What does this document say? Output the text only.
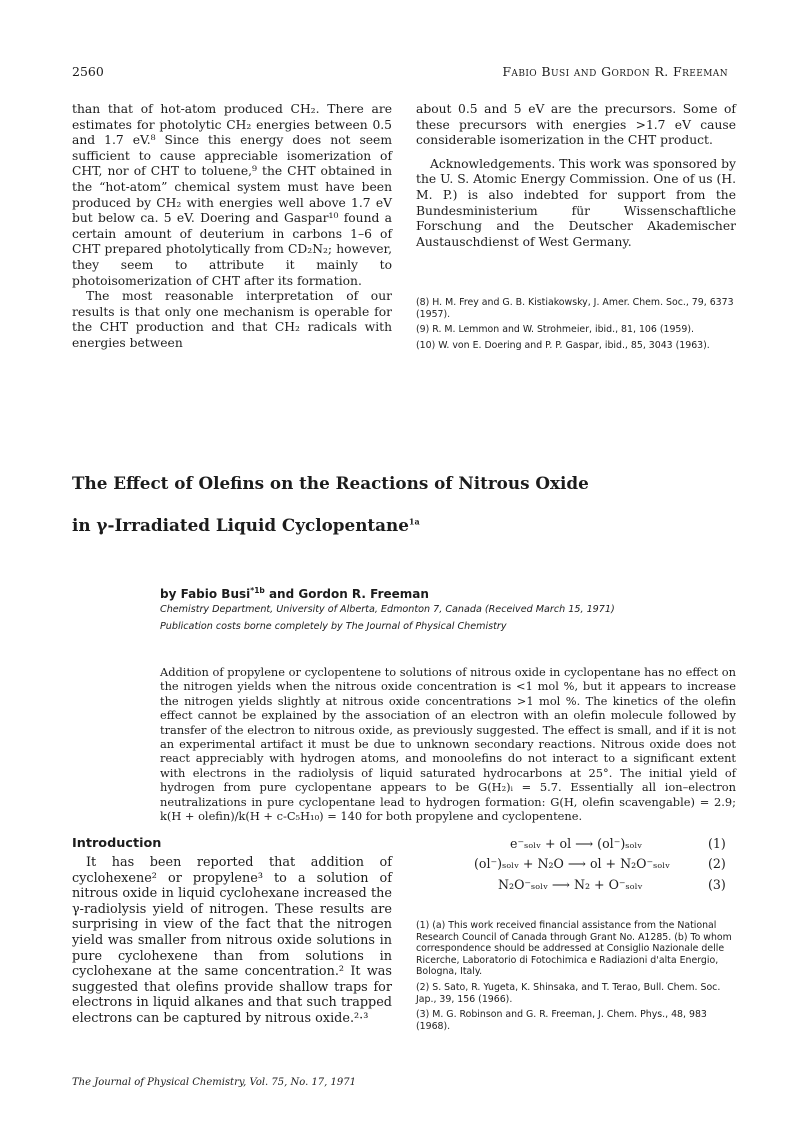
2560	Fabio Busi and Gordon R. Freeman

than that of hot-atom produced CH₂. There are estimates for photolytic CH₂ energies between 0.5 and 1.7 eV.⁸ Since this energy does not seem sufficient to cause appreciable isomerization of CHT, nor of CHT to toluene,⁹ the CHT obtained in the “hot-atom” chemical system must have been produced by CH₂ with energies well above 1.7 eV but below ca. 5 eV. Doering and Gaspar¹⁰ found a certain amount of deuterium in carbons 1–6 of CHT prepared photolytically from CD₂N₂; however, they seem to attribute it mainly to photoisomerization of CHT after its formation.

The most reasonable interpretation of our results is that only one mechanism is operable for the CHT production and that CH₂ radicals with energies between

about 0.5 and 5 eV are the precursors. Some of these precursors with energies >1.7 eV cause considerable isomerization in the CHT product.

Acknowledgements. This work was sponsored by the U. S. Atomic Energy Commission. One of us (H. M. P.) is also indebted for support from the Bundesministerium für Wissenschaftliche Forschung and the Deutscher Akademischer Austauschdienst of West Germany.

(8) H. M. Frey and G. B. Kistiakowsky, J. Amer. Chem. Soc., 79, 6373 (1957).
(9) R. M. Lemmon and W. Strohmeier, ibid., 81, 106 (1959).
(10) W. von E. Doering and P. P. Gaspar, ibid., 85, 3043 (1963).
The Effect of Olefins on the Reactions of Nitrous Oxide
in γ-Irradiated Liquid Cyclopentane$^{1a}$
by Fabio Busi$^{*1b}$ and Gordon R. Freeman
Chemistry Department, University of Alberta, Edmonton 7, Canada (Received March 15, 1971)
Publication costs borne completely by The Journal of Physical Chemistry
Addition of propylene or cyclopentene to solutions of nitrous oxide in cyclopentane has no effect on the nitrogen yields when the nitrous oxide concentration is <1 mol %, but it appears to increase the nitrogen yields slightly at nitrous oxide concentrations >1 mol %. The kinetics of the olefin effect cannot be explained by the association of an electron with an olefin molecule followed by transfer of the electron to nitrous oxide, as previously suggested. The effect is small, and if it is not an experimental artifact it must be due to unknown secondary reactions. Nitrous oxide does not react appreciably with hydrogen atoms, and monoolefins do not interact to a significant extent with electrons in the radiolysis of liquid saturated hydrocarbons at 25°. The initial yield of hydrogen from pure cyclopentane appears to be G(H₂)ᵢ = 5.7. Essentially all ion–electron neutralizations in pure cyclopentane lead to hydrogen formation: G(H, olefin scavengable) = 2.9; k(H + olefin)/k(H + c-C₅H₁₀) = 140 for both propylene and cyclopentene.
Introduction

It has been reported that addition of cyclohexene² or propylene³ to a solution of nitrous oxide in liquid cyclohexane increased the γ-radiolysis yield of nitrogen. These results are surprising in view of the fact that the nitrogen yield was smaller from nitrous oxide solutions in pure cyclohexene than from solutions in cyclohexane at the same concentration.² It was suggested that olefins provide shallow traps for electrons in liquid alkanes and that such trapped electrons can be captured by nitrous oxide.²·³

e⁻ₛₒₗᵥ + ol ⟶ (ol⁻)ₛₒₗᵥ	(1)
(ol⁻)ₛₒₗᵥ + N₂O ⟶ ol + N₂O⁻ₛₒₗᵥ	(2)
N₂O⁻ₛₒₗᵥ ⟶ N₂ + O⁻ₛₒₗᵥ	(3)
(1) (a) This work received financial assistance from the National Research Council of Canada through Grant No. A1285. (b) To whom correspondence should be addressed at Consiglio Nazionale delle Ricerche, Laboratorio di Fotochimica e Radiazioni d'alta Energio, Bologna, Italy.
(2) S. Sato, R. Yugeta, K. Shinsaka, and T. Terao, Bull. Chem. Soc. Jap., 39, 156 (1966).
(3) M. G. Robinson and G. R. Freeman, J. Chem. Phys., 48, 983 (1968).
The Journal of Physical Chemistry, Vol. 75, No. 17, 1971
